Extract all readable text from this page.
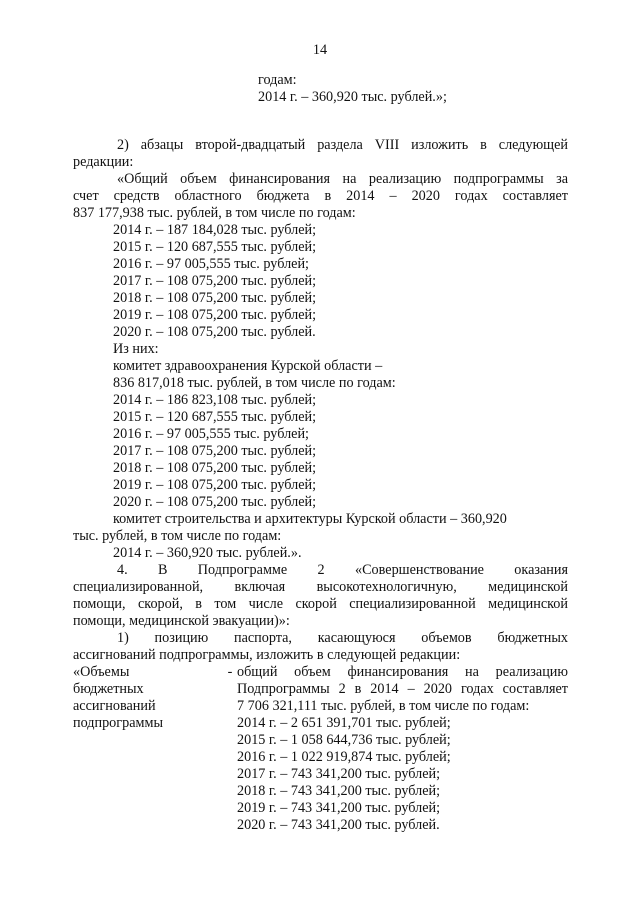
14
годам:
2014 г. – 360,920 тыс. рублей.»;
2) абзацы второй-двадцатый раздела VIII изложить в следующей
редакции:
«Общий объем финансирования на реализацию подпрограммы за
счет средств областного бюджета в 2014 – 2020 годах составляет
837 177,938 тыс. рублей, в том числе по годам:
2014 г. – 187 184,028 тыс. рублей;
2015 г. – 120 687,555 тыс. рублей;
2016 г. – 97 005,555 тыс. рублей;
2017 г. – 108 075,200 тыс. рублей;
2018 г. – 108 075,200 тыс. рублей;
2019 г. – 108 075,200 тыс. рублей;
2020 г. – 108 075,200 тыс. рублей.
Из них:
комитет здравоохранения Курской области –
836 817,018 тыс. рублей, в том числе по годам:
2014 г. – 186 823,108 тыс. рублей;
2015 г. – 120 687,555 тыс. рублей;
2016 г. – 97 005,555 тыс. рублей;
2017 г. – 108 075,200 тыс. рублей;
2018 г. – 108 075,200 тыс. рублей;
2019 г. – 108 075,200 тыс. рублей;
2020 г. – 108 075,200 тыс. рублей;
комитет строительства и архитектуры Курской области – 360,920
тыс. рублей, в том числе по годам:
2014 г. – 360,920 тыс. рублей.».
4. В Подпрограмме 2 «Совершенствование оказания
специализированной, включая высокотехнологичную, медицинской
помощи, скорой, в том числе скорой специализированной медицинской
помощи, медицинской эвакуации)»:
1) позицию паспорта, касающуюся объемов бюджетных
ассигнований подпрограммы, изложить в следующей редакции:
«Объемы
бюджетных
ассигнований
подпрограммы
- общий объем финансирования на реализацию
Подпрограммы 2 в 2014 – 2020 годах составляет
7 706 321,111 тыс. рублей, в том числе по годам:
2014 г. – 2 651 391,701 тыс. рублей;
2015 г. – 1 058 644,736 тыс. рублей;
2016 г. – 1 022 919,874 тыс. рублей;
2017 г. – 743 341,200 тыс. рублей;
2018 г. – 743 341,200 тыс. рублей;
2019 г. – 743 341,200 тыс. рублей;
2020 г. – 743 341,200 тыс. рублей.
